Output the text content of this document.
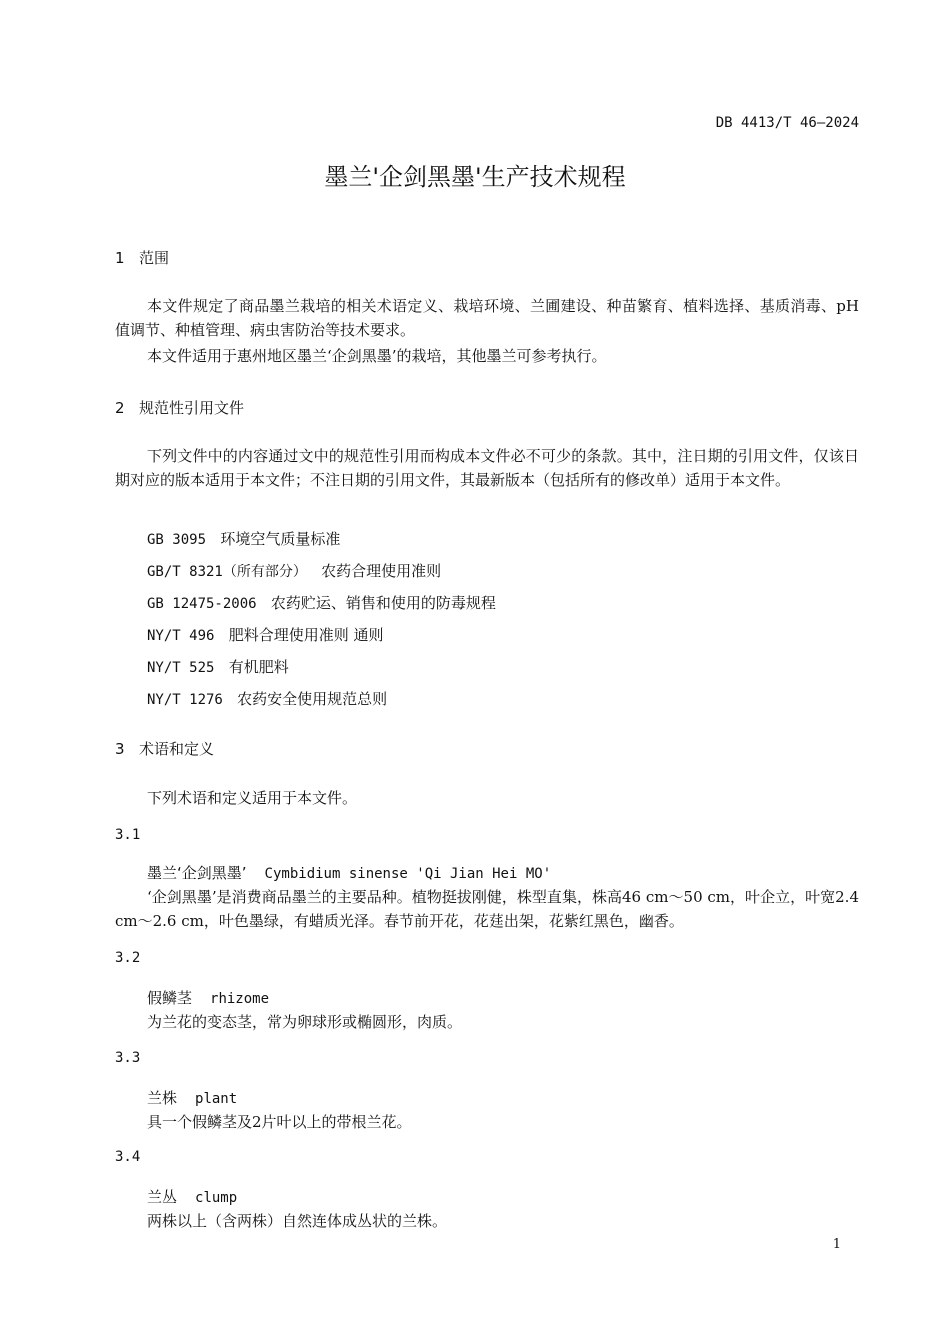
DB 4413/T 46—2024
墨兰'企剑黑墨'生产技术规程
1 范围
本文件规定了商品墨兰栽培的相关术语定义、栽培环境、兰圃建设、种苗繁育、植料选择、基质消毒、pH值调节、种植管理、病虫害防治等技术要求。
本文件适用于惠州地区墨兰‘企剑黑墨’的栽培，其他墨兰可参考执行。
2 规范性引用文件
下列文件中的内容通过文中的规范性引用而构成本文件必不可少的条款。其中，注日期的引用文件，仅该日期对应的版本适用于本文件；不注日期的引用文件，其最新版本（包括所有的修改单）适用于本文件。
GB 3095 环境空气质量标准
GB/T 8321（所有部分） 农药合理使用准则
GB 12475-2006 农药贮运、销售和使用的防毒规程
NY/T 496 肥料合理使用准则 通则
NY/T 525 有机肥料
NY/T 1276 农药安全使用规范总则
3 术语和定义
下列术语和定义适用于本文件。
3.1
墨兰‘企剑黑墨’ Cymbidium sinense 'Qi Jian Hei MO'
‘企剑黑墨’是消费商品墨兰的主要品种。植物挺拔刚健，株型直集，株高46 cm～50 cm，叶企立，叶宽2.4 cm～2.6 cm，叶色墨绿，有蜡质光泽。春节前开花，花莛出架，花紫红黑色，幽香。
3.2
假鳞茎 rhizome
为兰花的变态茎，常为卵球形或椭圆形，肉质。
3.3
兰株 plant
具一个假鳞茎及2片叶以上的带根兰花。
3.4
兰丛 clump
两株以上（含两株）自然连体成丛状的兰株。
1
